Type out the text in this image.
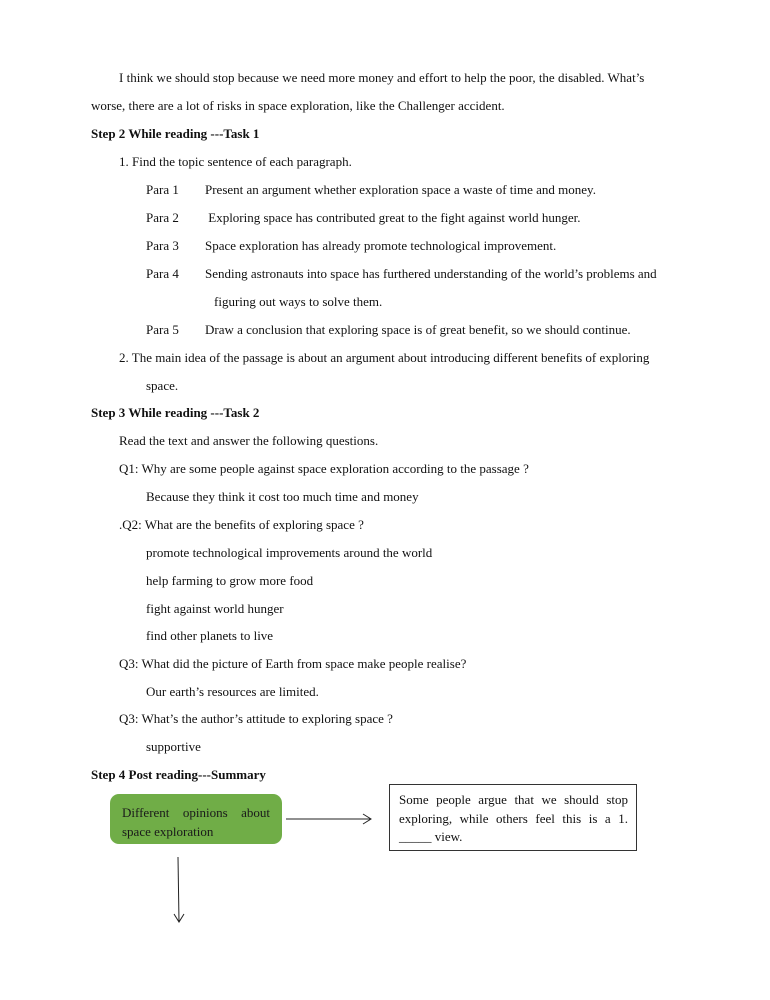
I think we should stop because we need more money and effort to help the poor, the disabled. What’s
worse, there are a lot of risks in space exploration, like the Challenger accident.
Step 2 While reading ---Task 1
1. Find the topic sentence of each paragraph.
Para 1 Present an argument whether exploration space a waste of time and money.
Para 2 Exploring space has contributed great to the fight against world hunger.
Para 3 Space exploration has already promote technological improvement.
Para 4 Sending astronauts into space has furthered understanding of the world’s problems and
figuring out ways to solve them.
Para 5 Draw a conclusion that exploring space is of great benefit, so we should continue.
2. The main idea of the passage is about an argument about introducing different benefits of exploring
space.
Step 3 While reading ---Task 2
Read the text and answer the following questions.
Q1: Why are some people against space exploration according to the passage ?
Because they think it cost too much time and money
.Q2: What are the benefits of exploring space ?
promote technological improvements around the world
help farming to grow more food
fight against world hunger
find other planets to live
Q3: What did the picture of Earth from space make people realise?
Our earth’s resources are limited.
Q3: What’s the author’s attitude to exploring space ?
supportive
Step 4 Post reading---Summary
Different opinions about space exploration
Some people argue that we should stop exploring, while others feel this is a 1. _____ view.
